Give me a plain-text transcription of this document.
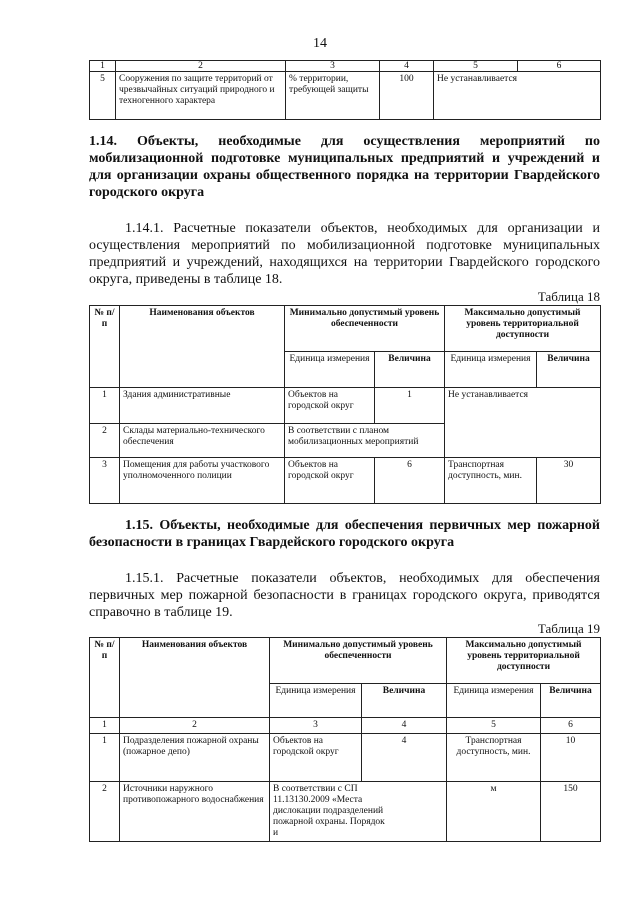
14
1	2	3	4	5	6
5	Сооружения по защите территорий от чрезвычайных ситуаций природного и техногенного характера	% территории, требующей защиты	100	Не устанавливается	
1.14. Объекты, необходимые для осуществления мероприятий по мобилизационной подготовке муниципальных предприятий и учреждений и для организации охраны общественного порядка на территории Гвардейского городского округа
1.14.1. Расчетные показатели объектов, необходимых для организации и осуществления мероприятий по мобилизационной подготовке муниципальных предприятий и учреждений, находящихся на территории Гвардейского городского округа, приведены в таблице 18.
Таблица 18
№ п/п	Наименования объектов	Минимально допустимый уровень обеспеченности		Максимально допустимый уровень территориальной доступности	
		Единица измерения	Величина	Единица измерения	Величина
1	Здания административные	Объектов на городской округ	1	Не устанавливается	
2	Склады материально-технического обеспечения	В соответствии с планом мобилизационных мероприятий			
3	Помещения для работы участкового уполномоченного полиции	Объектов на городской округ	6	Транспортная доступность, мин.	30
1.15. Объекты, необходимые для обеспечения первичных мер пожарной безопасности в границах Гвардейского городского округа
1.15.1. Расчетные показатели объектов, необходимых для обеспечения первичных мер пожарной безопасности в границах городского округа, приводятся справочно в таблице 19.
Таблица 19
№ п/п	Наименования объектов	Минимально допустимый уровень обеспеченности		Максимально допустимый уровень территориальной доступности	
		Единица измерения	Величина	Единица измерения	Величина
1	2	3	4	5	6
1	Подразделения пожарной охраны (пожарное депо)	Объектов на городской округ	4	Транспортная доступность, мин.	10
2	Источники наружного противопожарного водоснабжения	В соответствии с СП 11.13130.2009 «Места дислокации подразделений пожарной охраны. Порядок и		м	150
